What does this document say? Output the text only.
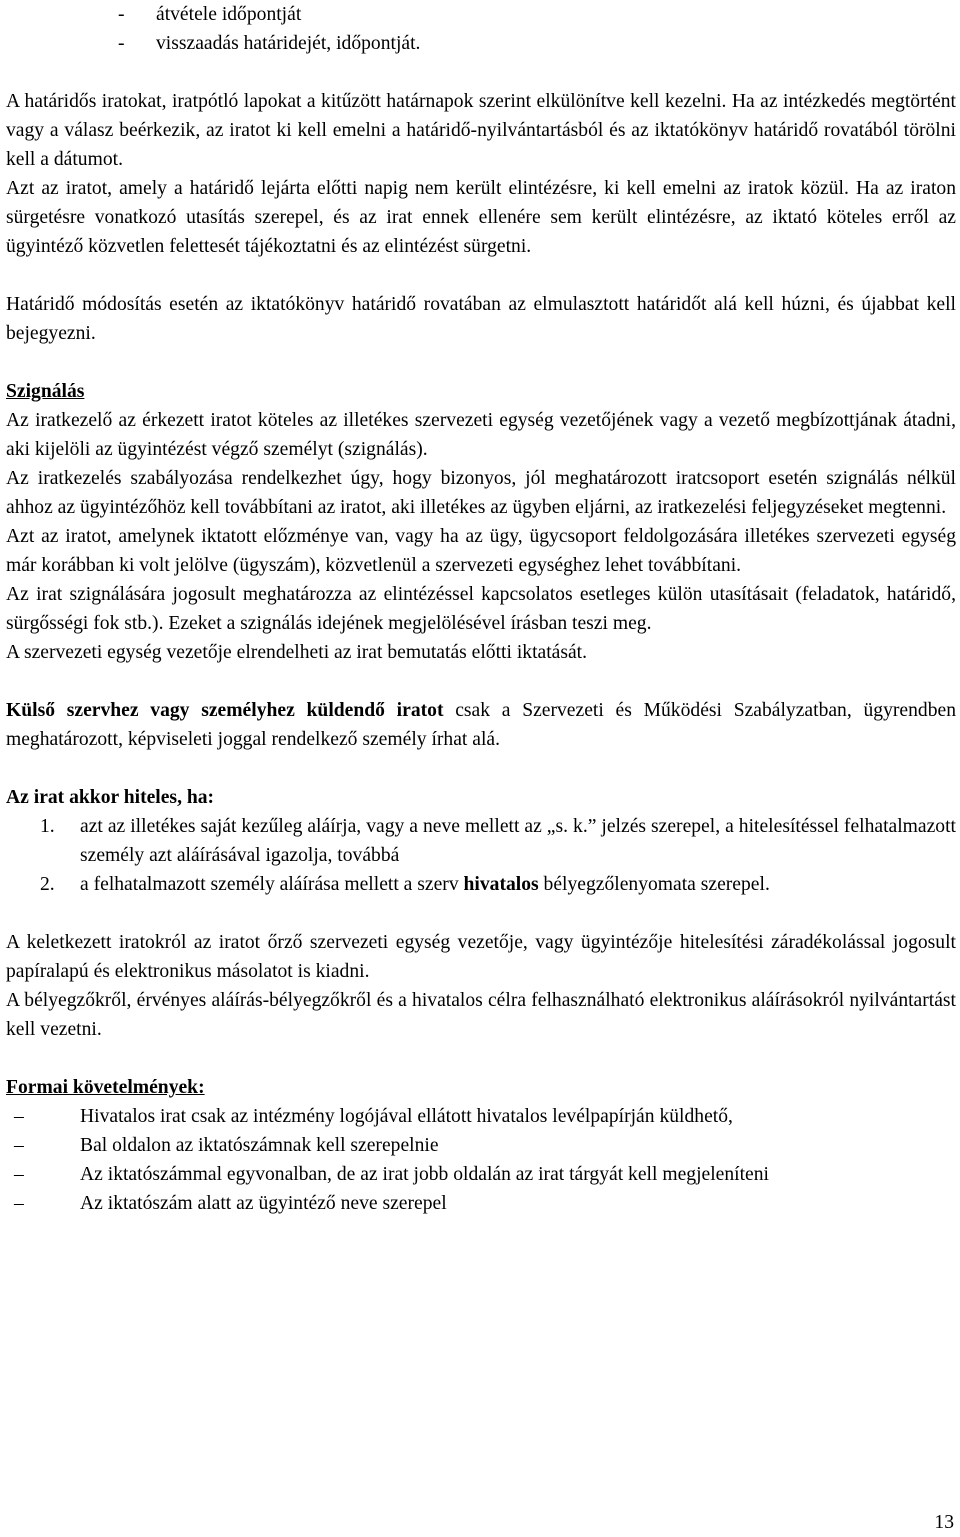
- átvétele időpontját
- visszaadás határidejét, időpontját.

A határidős iratokat, iratpótló lapokat a kitűzött határnapok szerint elkülönítve kell kezelni. Ha az intézkedés megtörtént vagy a válasz beérkezik, az iratot ki kell emelni a határidő-nyilvántartásból és az iktatókönyv határidő rovatából törölni kell a dátumot.

Azt az iratot, amely a határidő lejárta előtti napig nem került elintézésre, ki kell emelni az iratok közül. Ha az iraton sürgetésre vonatkozó utasítás szerepel, és az irat ennek ellenére sem került elintézésre, az iktató köteles erről az ügyintéző közvetlen felettesét tájékoztatni és az elintézést sürgetni.

Határidő módosítás esetén az iktatókönyv határidő rovatában az elmulasztott határidőt alá kell húzni, és újabbat kell bejegyezni.

Szignálás

Az iratkezelő az érkezett iratot köteles az illetékes szervezeti egység vezetőjének vagy a vezető megbízottjának átadni, aki kijelöli az ügyintézést végző személyt (szignálás).

Az iratkezelés szabályozása rendelkezhet úgy, hogy bizonyos, jól meghatározott iratcsoport esetén szignálás nélkül ahhoz az ügyintézőhöz kell továbbítani az iratot, aki illetékes az ügyben eljárni, az iratkezelési feljegyzéseket megtenni.

Azt az iratot, amelynek iktatott előzménye van, vagy ha az ügy, ügycsoport feldolgozására illetékes szervezeti egység már korábban ki volt jelölve (ügyszám), közvetlenül a szervezeti egységhez lehet továbbítani.

Az irat szignálására jogosult meghatározza az elintézéssel kapcsolatos esetleges külön utasításait (feladatok, határidő, sürgősségi fok stb.). Ezeket a szignálás idejének megjelölésével írásban teszi meg.

A szervezeti egység vezetője elrendelheti az irat bemutatás előtti iktatását.

Külső szervhez vagy személyhez küldendő iratot csak a Szervezeti és Működési Szabályzatban, ügyrendben meghatározott, képviseleti joggal rendelkező személy írhat alá.

Az irat akkor hiteles, ha:

1. azt az illetékes saját kezűleg aláírja, vagy a neve mellett az „s. k.” jelzés szerepel, a hitelesítéssel felhatalmazott személy azt aláírásával igazolja, továbbá
2. a felhatalmazott személy aláírása mellett a szerv hivatalos bélyegzőlenyomata szerepel.

A keletkezett iratokról az iratot őrző szervezeti egység vezetője, vagy ügyintézője hitelesítési záradékolással jogosult papíralapú és elektronikus másolatot is kiadni.

A bélyegzőkről, érvényes aláírás-bélyegzőkről és a hivatalos célra felhasználható elektronikus aláírásokról nyilvántartást kell vezetni.

Formai követelmények:

–	Hivatalos irat csak az intézmény logójával ellátott hivatalos levélpapírján küldhető,
–	Bal oldalon az iktatószámnak kell szerepelnie
–	Az iktatószámmal egyvonalban, de az irat jobb oldalán az irat tárgyát kell megjeleníteni
–	Az iktatószám alatt az ügyintéző neve szerepel
13
